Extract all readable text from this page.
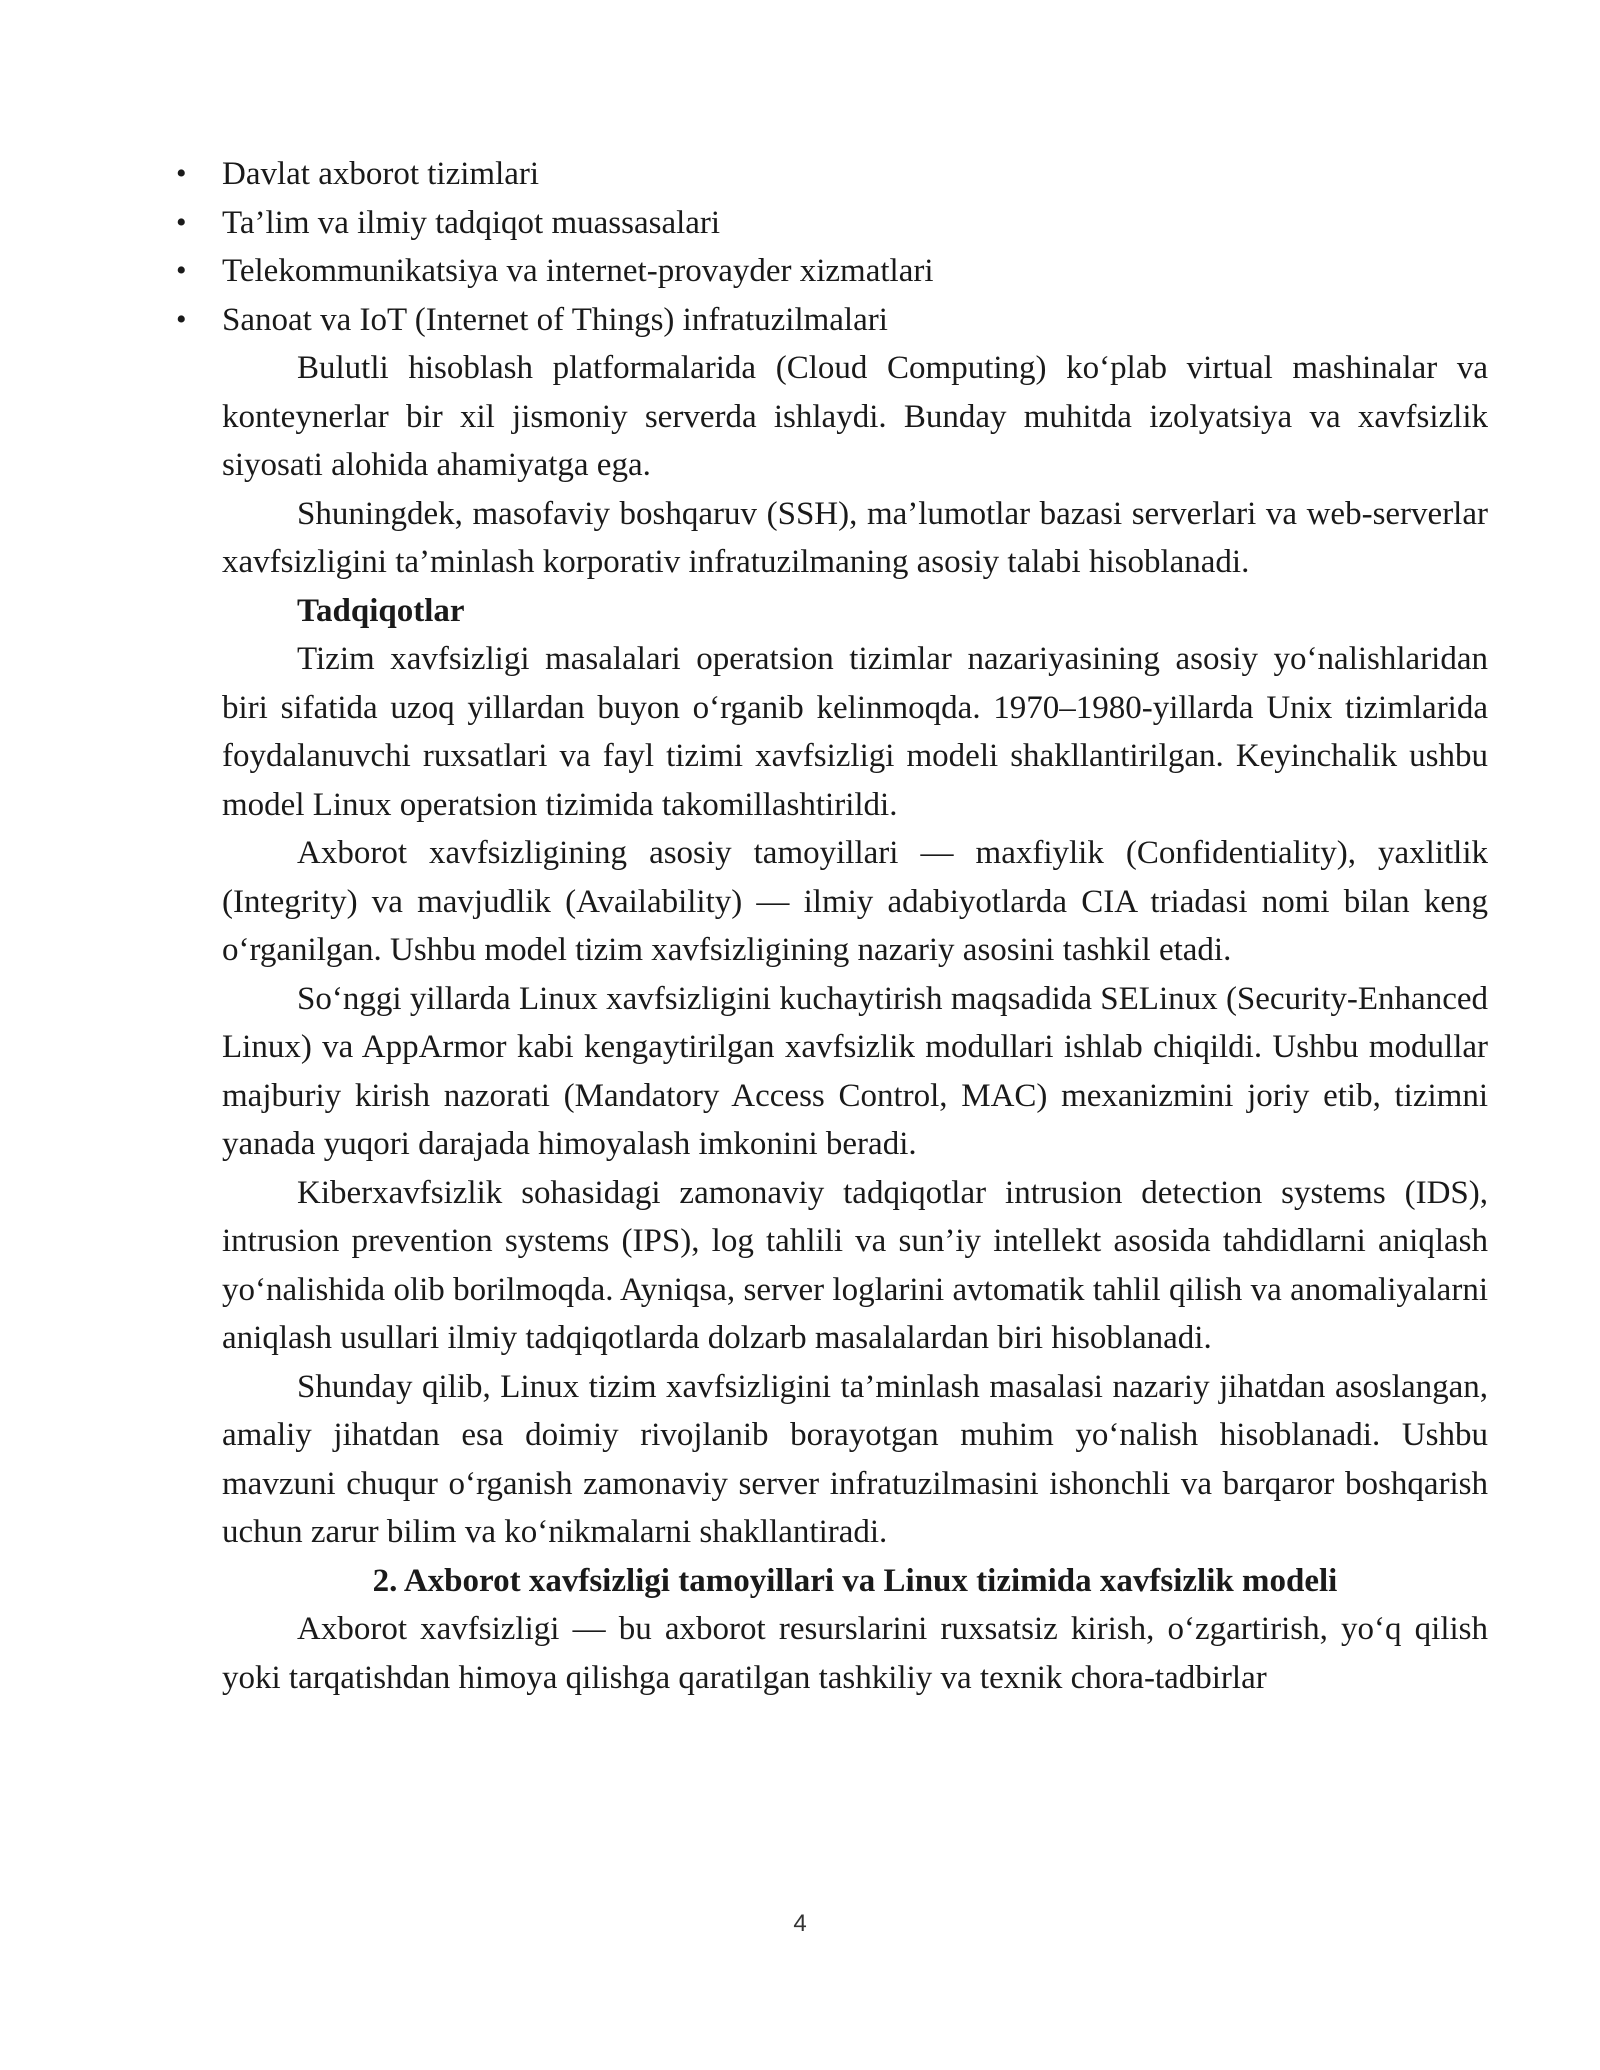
• Davlat axborot tizimlari
• Ta’lim va ilmiy tadqiqot muassasalari
• Telekommunikatsiya va internet-provayder xizmatlari
• Sanoat va IoT (Internet of Things) infratuzilmalari

Bulutli hisoblash platformalarida (Cloud Computing) ko‘plab virtual mashinalar va konteynerlar bir xil jismoniy serverda ishlaydi. Bunday muhitda izolyatsiya va xavfsizlik siyosati alohida ahamiyatga ega.

Shuningdek, masofaviy boshqaruv (SSH), ma’lumotlar bazasi serverlari va web-serverlar xavfsizligini ta’minlash korporativ infratuzilmaning asosiy talabi hisoblanadi.

Tadqiqotlar

Tizim xavfsizligi masalalari operatsion tizimlar nazariyasining asosiy yo‘nalishlaridan biri sifatida uzoq yillardan buyon o‘rganib kelinmoqda. 1970–1980-yillarda Unix tizimlarida foydalanuvchi ruxsatlari va fayl tizimi xavfsizligi modeli shakllantirilgan. Keyinchalik ushbu model Linux operatsion tizimida takomillashtirildi.

Axborot xavfsizligining asosiy tamoyillari — maxfiylik (Confidentiality), yaxlitlik (Integrity) va mavjudlik (Availability) — ilmiy adabiyotlarda CIA triadasi nomi bilan keng o‘rganilgan. Ushbu model tizim xavfsizligining nazariy asosini tashkil etadi.

So‘nggi yillarda Linux xavfsizligini kuchaytirish maqsadida SELinux (Security-Enhanced Linux) va AppArmor kabi kengaytirilgan xavfsizlik modullari ishlab chiqildi. Ushbu modullar majburiy kirish nazorati (Mandatory Access Control, MAC) mexanizmini joriy etib, tizimni yanada yuqori darajada himoyalash imkonini beradi.

Kiberxavfsizlik sohasidagi zamonaviy tadqiqotlar intrusion detection systems (IDS), intrusion prevention systems (IPS), log tahlili va sun’iy intellekt asosida tahdidlarni aniqlash yo‘nalishida olib borilmoqda. Ayniqsa, server loglarini avtomatik tahlil qilish va anomaliyalarni aniqlash usullari ilmiy tadqiqotlarda dolzarb masalalardan biri hisoblanadi.

Shunday qilib, Linux tizim xavfsizligini ta’minlash masalasi nazariy jihatdan asoslangan, amaliy jihatdan esa doimiy rivojlanib borayotgan muhim yo‘nalish hisoblanadi. Ushbu mavzuni chuqur o‘rganish zamonaviy server infratuzilmasini ishonchli va barqaror boshqarish uchun zarur bilim va ko‘nikmalarni shakllantiradi.

2. Axborot xavfsizligi tamoyillari va Linux tizimida xavfsizlik modeli

Axborot xavfsizligi — bu axborot resurslarini ruxsatsiz kirish, o‘zgartirish, yo‘q qilish yoki tarqatishdan himoya qilishga qaratilgan tashkiliy va texnik chora-tadbirlar

4
